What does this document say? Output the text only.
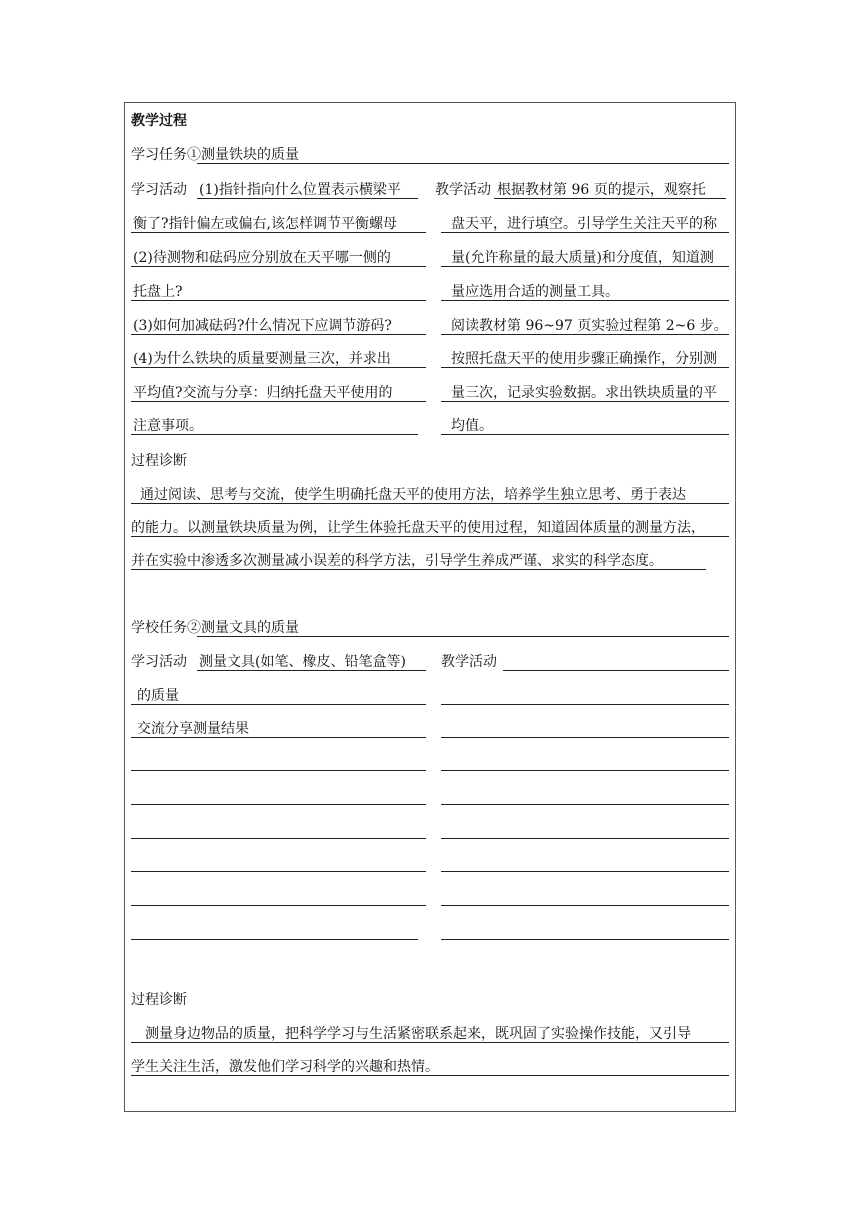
教学过程
学习任务① 测量铁块的质量
学习活动 (1)指针指向什么位置表示横梁平
衡了?指针偏左或偏右,该怎样调节平衡螺母
(2)待测物和砝码应分别放在天平哪一侧的
托盘上?
(3)如何加减砝码?什么情况下应调节游码?
(4)为什么铁块的质量要测量三次，并求出
平均值?交流与分享：归纳托盘天平使用的
注意事项。
教学活动 根据教材第 96 页的提示，观察托
盘天平，进行填空。引导学生关注天平的称
量(允许称量的最大质量)和分度值，知道测
量应选用合适的测量工具。
阅读教材第 96~97 页实验过程第 2~6 步。
按照托盘天平的使用步骤正确操作，分别测
量三次，记录实验数据。求出铁块质量的平
均值。
过程诊断
通过阅读、思考与交流，使学生明确托盘天平的使用方法，培养学生独立思考、勇于表达
的能力。以测量铁块质量为例，让学生体验托盘天平的使用过程，知道固体质量的测量方法，
并在实验中渗透多次测量减小误差的科学方法，引导学生养成严谨、求实的科学态度。
学校任务② 测量文具的质量
学习活动 测量文具(如笔、橡皮、铅笔盒等)
的质量
交流分享测量结果
教学活动
过程诊断
测量身边物品的质量，把科学学习与生活紧密联系起来，既巩固了实验操作技能，又引导
学生关注生活，激发他们学习科学的兴趣和热情。
